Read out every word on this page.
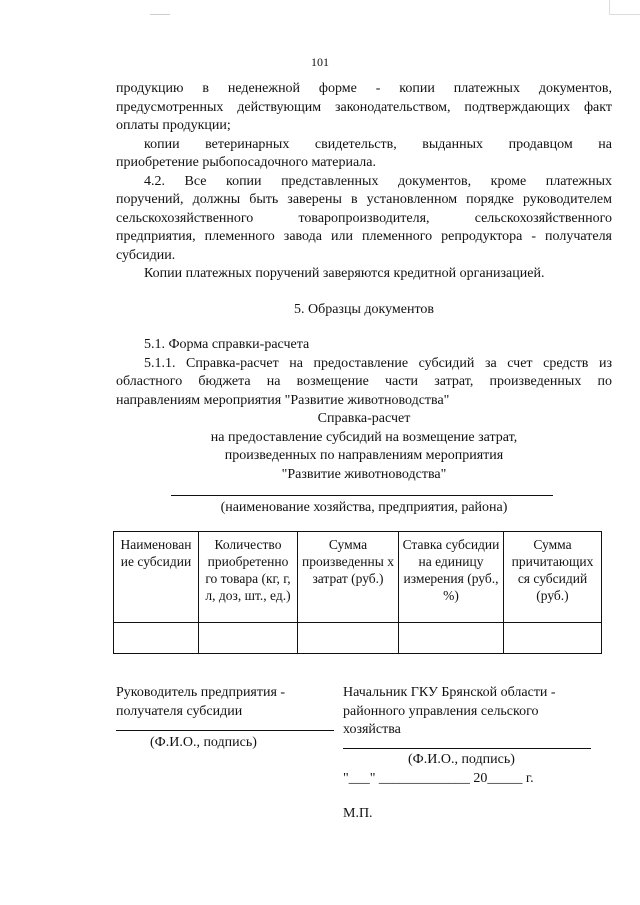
101

продукцию в неденежной форме - копии платежных документов,

предусмотренных действующим законодательством, подтверждающих факт

оплаты продукции;

копии ветеринарных свидетельств, выданных продавцом на

приобретение рыбопосадочного материала.

4.2. Все копии представленных документов, кроме платежных

поручений, должны быть заверены в установленном порядке руководителем

сельскохозяйственного товаропроизводителя, сельскохозяйственного

предприятия, племенного завода или племенного репродуктора - получателя

субсидии.

Копии платежных поручений заверяются кредитной организацией.

5. Образцы документов

5.1. Форма справки-расчета

5.1.1. Справка-расчет на предоставление субсидий за счет средств из

областного бюджета на возмещение части затрат, произведенных по

направлениям мероприятия "Развитие животноводства"

Справка-расчет
на предоставление субсидий на возмещение затрат,
произведенных по направлениям мероприятия
"Развитие животноводства"
(наименование хозяйства, предприятия, района)
Наименован ие субсидии	Количество приобретенно го товара (кг, г, л, доз, шт., ед.)	Сумма произведенны х затрат (руб.)	Ставка субсидии на единицу измерения (руб., %)	Сумма причитающих ся субсидий (руб.)

Руководитель предприятия -
получателя субсидии
(Ф.И.О., подпись)
Начальник ГКУ Брянской области -
районного управления сельского
хозяйства
(Ф.И.О., подпись)
"___" _____________ 20_____ г.
М.П.
